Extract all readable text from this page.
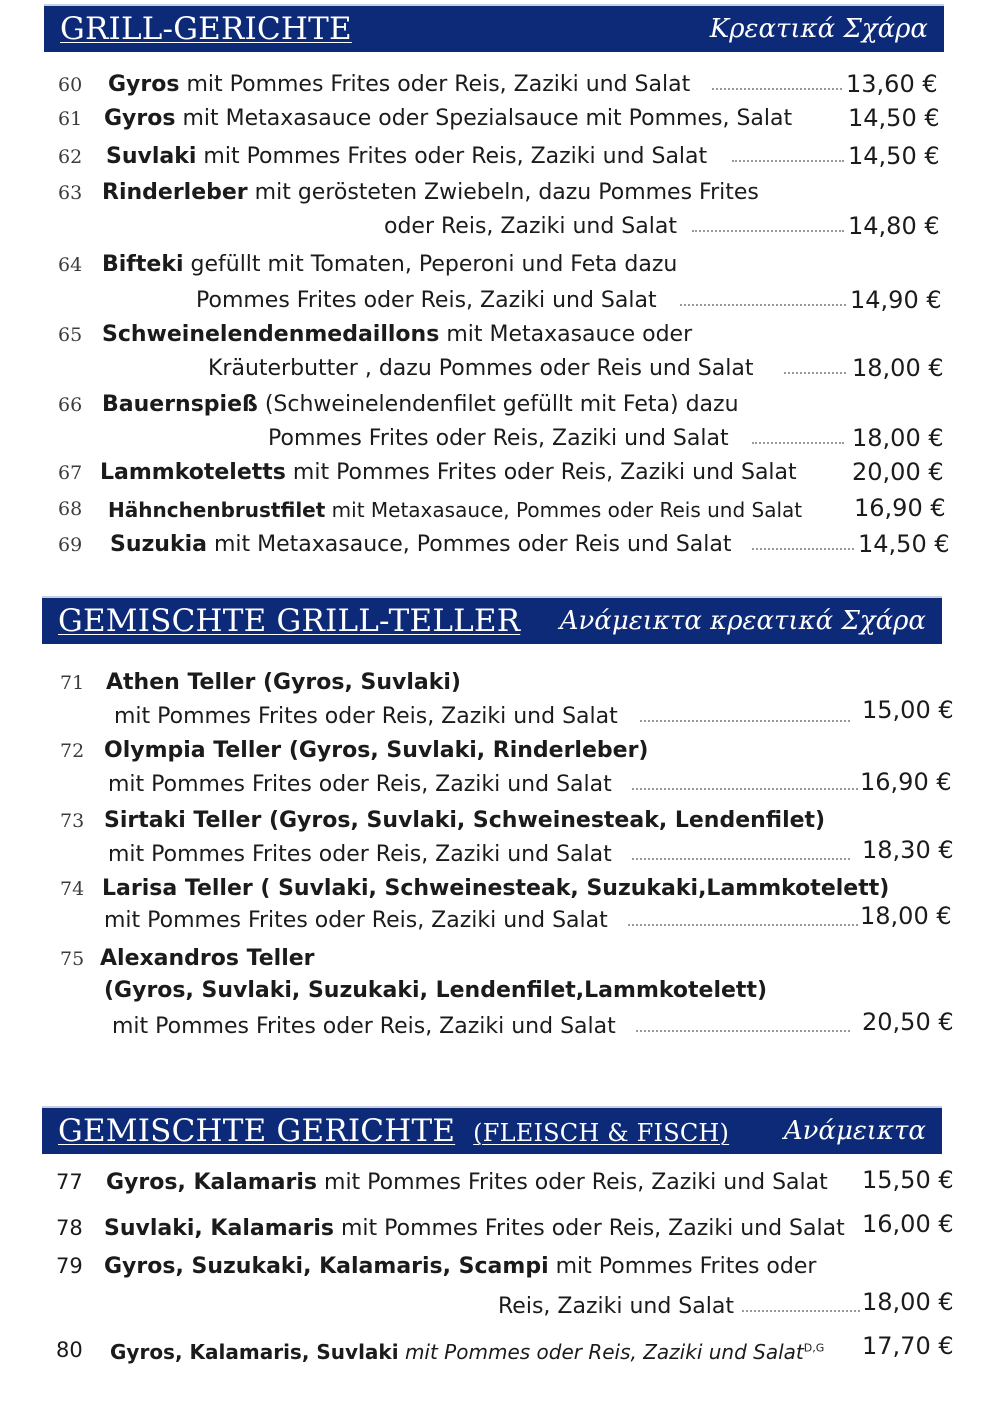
GRILL-GERICHTE	Κρεατικά Σχάρα
60 Gyros mit Pommes Frites oder Reis, Zaziki und Salat	13,60 €
61 Gyros mit Metaxasauce oder Spezialsauce mit Pommes, Salat 14,50 €
62 Suvlaki mit Pommes Frites oder Reis, Zaziki und Salat	14,50 €
63 Rinderleber mit gerösteten Zwiebeln, dazu Pommes Frites
oder Reis, Zaziki und Salat	14,80 €
64 Bifteki gefüllt mit Tomaten, Peperoni und Feta dazu
Pommes Frites oder Reis, Zaziki und Salat	14,90 €
65 Schweinelendenmedaillons mit Metaxasauce oder
Kräuterbutter , dazu Pommes oder Reis und Salat	18,00 €
66 Bauernspieß (Schweinelendenfilet gefüllt mit Feta) dazu
Pommes Frites oder Reis, Zaziki und Salat	18,00 €
67 Lammkoteletts mit Pommes Frites oder Reis, Zaziki und Salat 20,00 €
68 Hähnchenbrustfilet mit Metaxasauce, Pommes oder Reis und Salat 16,90 €
69 Suzukia mit Metaxasauce, Pommes oder Reis und Salat	14,50 €
GEMISCHTE GRILL-TELLER Ανάμεικτα κρεατικά Σχάρα
71 Athen Teller (Gyros, Suvlaki)
mit Pommes Frites oder Reis, Zaziki und Salat	15,00 €
72 Olympia Teller (Gyros, Suvlaki, Rinderleber)
mit Pommes Frites oder Reis, Zaziki und Salat	16,90 €
73 Sirtaki Teller (Gyros, Suvlaki, Schweinesteak, Lendenfilet)
mit Pommes Frites oder Reis, Zaziki und Salat	18,30 €
74 Larisa Teller ( Suvlaki, Schweinesteak, Suzukaki,Lammkotelett)
mit Pommes Frites oder Reis, Zaziki und Salat	18,00 €
75 Alexandros Teller
(Gyros, Suvlaki, Suzukaki, Lendenfilet,Lammkotelett)
mit Pommes Frites oder Reis, Zaziki und Salat	20,50 €
GEMISCHTE GERICHTE (FLEISCH & FISCH) Ανάμεικτα
77 Gyros, Kalamaris mit Pommes Frites oder Reis, Zaziki und Salat 15,50 €
78 Suvlaki, Kalamaris mit Pommes Frites oder Reis, Zaziki und Salat 16,00 €
79 Gyros, Suzukaki, Kalamaris, Scampi mit Pommes Frites oder
Reis, Zaziki und Salat	18,00 €
80 Gyros, Kalamaris, Suvlaki mit Pommes oder Reis, Zaziki und Salat$^{D,G}$ 17,70 €
